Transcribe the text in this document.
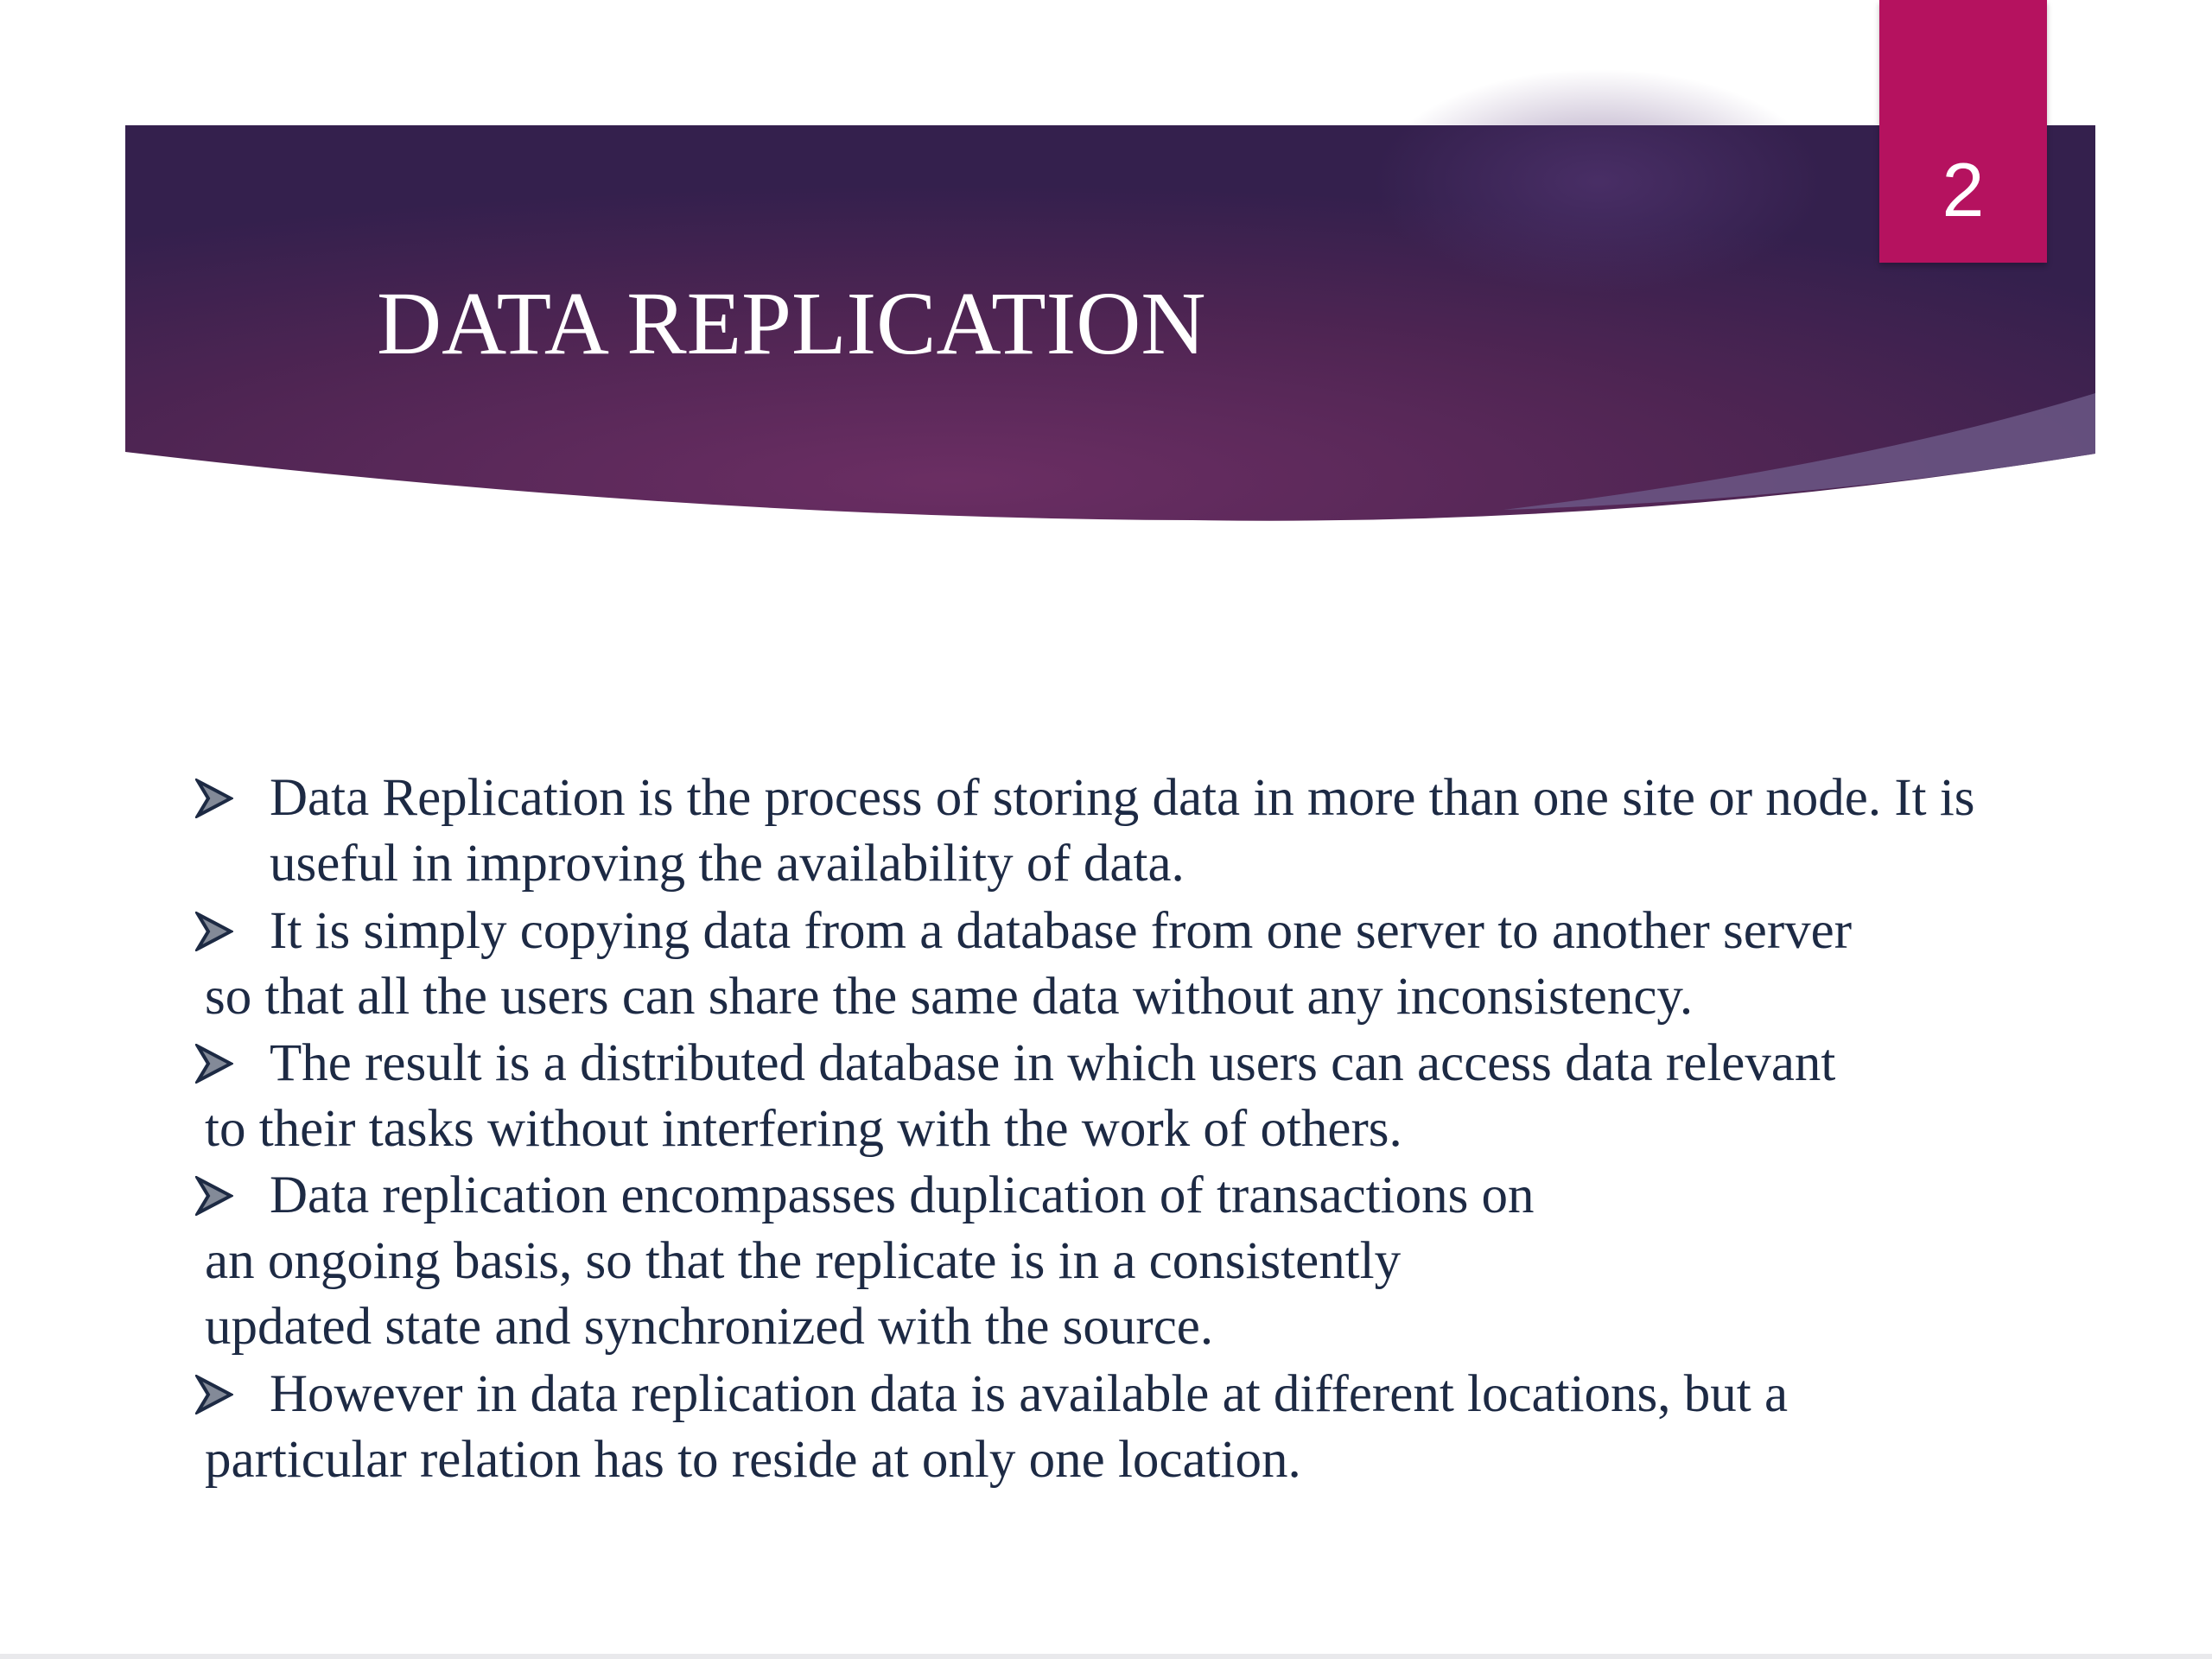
DATA REPLICATION
2
Data Replication is the process of storing data in more than one site or node. It is
useful in improving the availability of data.
It is simply copying data from a database from one server to another server
so that all the users can share the same data without any inconsistency.
The result is a distributed database in which users can access data relevant
to their tasks without interfering with the work of others.
Data replication encompasses duplication of transactions on
an ongoing basis, so that the replicate is in a consistently
updated state and synchronized with the source.
However in data replication data is available at different locations, but a
particular relation has to reside at only one location.
